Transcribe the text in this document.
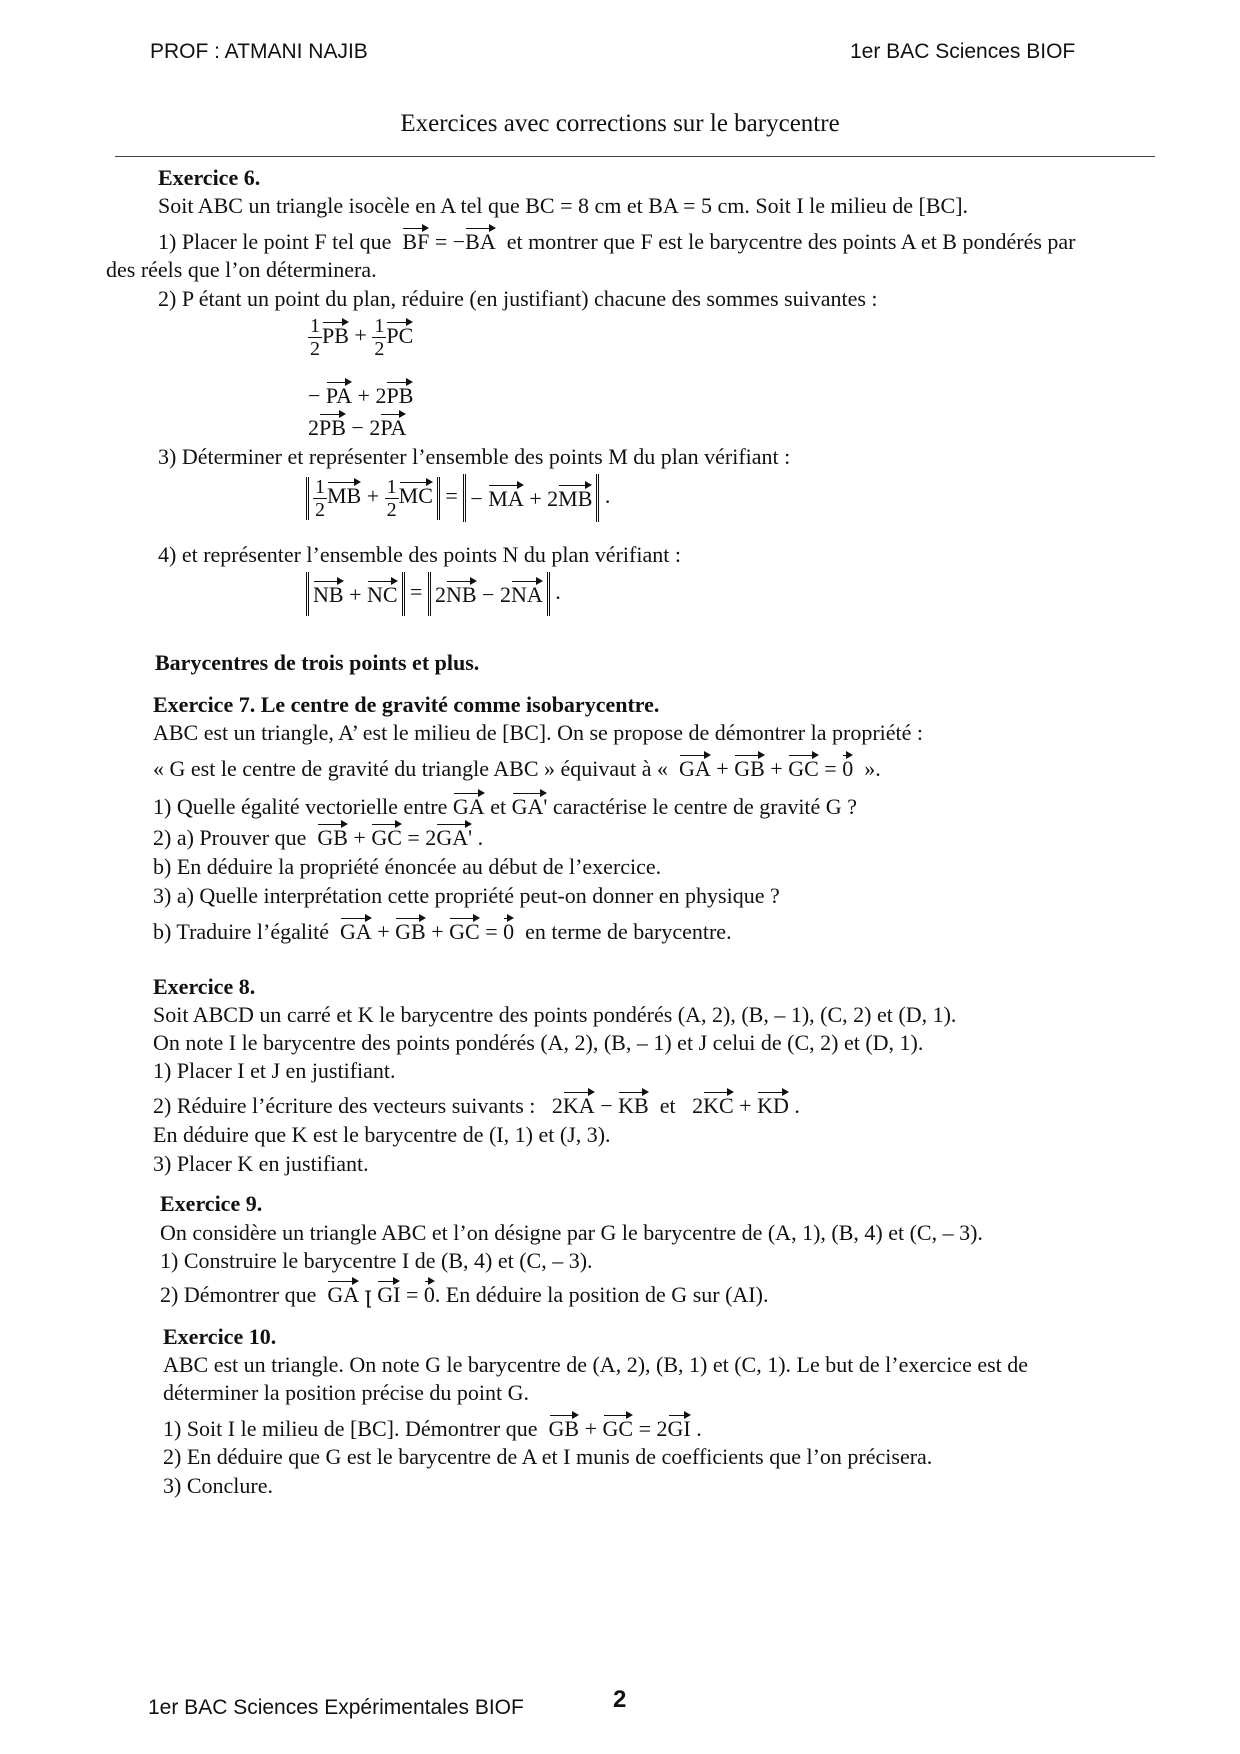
PROF : ATMANI NAJIB	1er BAC Sciences BIOF
Exercices avec corrections sur le barycentre
Exercice 6.
Soit ABC un triangle isocèle en A tel que BC = 8 cm et BA = 5 cm. Soit I le milieu de [BC].
1) Placer le point F tel que BF = −BA et montrer que F est le barycentre des points A et B pondérés par
des réels que l’on déterminera.
2) P étant un point du plan, réduire (en justifiant) chacune des sommes suivantes :
$\frac{1}{2}$ PB + $\frac{1}{2}$ PC
− PA + 2PB
2PB − 2PA
3) Déterminer et représenter l’ensemble des points M du plan vérifiant :
$\frac{1}{2}$ MB + $\frac{1}{2}$ MC = − MA + 2MB .
4) et représenter l’ensemble des points N du plan vérifiant :
NB + NC = 2NB − 2NA .
Barycentres de trois points et plus.
Exercice 7. Le centre de gravité comme isobarycentre.
ABC est un triangle, A’ est le milieu de [BC]. On se propose de démontrer la propriété :
« G est le centre de gravité du triangle ABC » équivaut à « GA + GB + GC = 0 ».
1) Quelle égalité vectorielle entre GA et GA' caractérise le centre de gravité G ?
2) a) Prouver que GB + GC = 2GA' .
b) En déduire la propriété énoncée au début de l’exercice.
3) a) Quelle interprétation cette propriété peut-on donner en physique ?
b) Traduire l’égalité GA + GB + GC = 0 en terme de barycentre.
Exercice 8.
Soit ABCD un carré et K le barycentre des points pondérés (A, 2), (B, – 1), (C, 2) et (D, 1).
On note I le barycentre des points pondérés (A, 2), (B, – 1) et J celui de (C, 2) et (D, 1).
1) Placer I et J en justifiant.
2) Réduire l’écriture des vecteurs suivants :   2KA − KB et   2KC + KD .
En déduire que K est le barycentre de (I, 1) et (J, 3).
3) Placer K en justifiant.
Exercice 9.
On considère un triangle ABC et l’on désigne par G le barycentre de (A, 1), (B, 4) et (C, – 3).
1) Construire le barycentre I de (B, 4) et (C, – 3).
2) Démontrer que GA ꞁ GI = 0. En déduire la position de G sur (AI).
Exercice 10.
ABC est un triangle. On note G le barycentre de (A, 2), (B, 1) et (C, 1). Le but de l’exercice est de
déterminer la position précise du point G.
1) Soit I le milieu de [BC]. Démontrer que GB + GC = 2GI .
2) En déduire que G est le barycentre de A et I munis de coefficients que l’on précisera.
3) Conclure.
1er BAC Sciences Expérimentales BIOF	2
